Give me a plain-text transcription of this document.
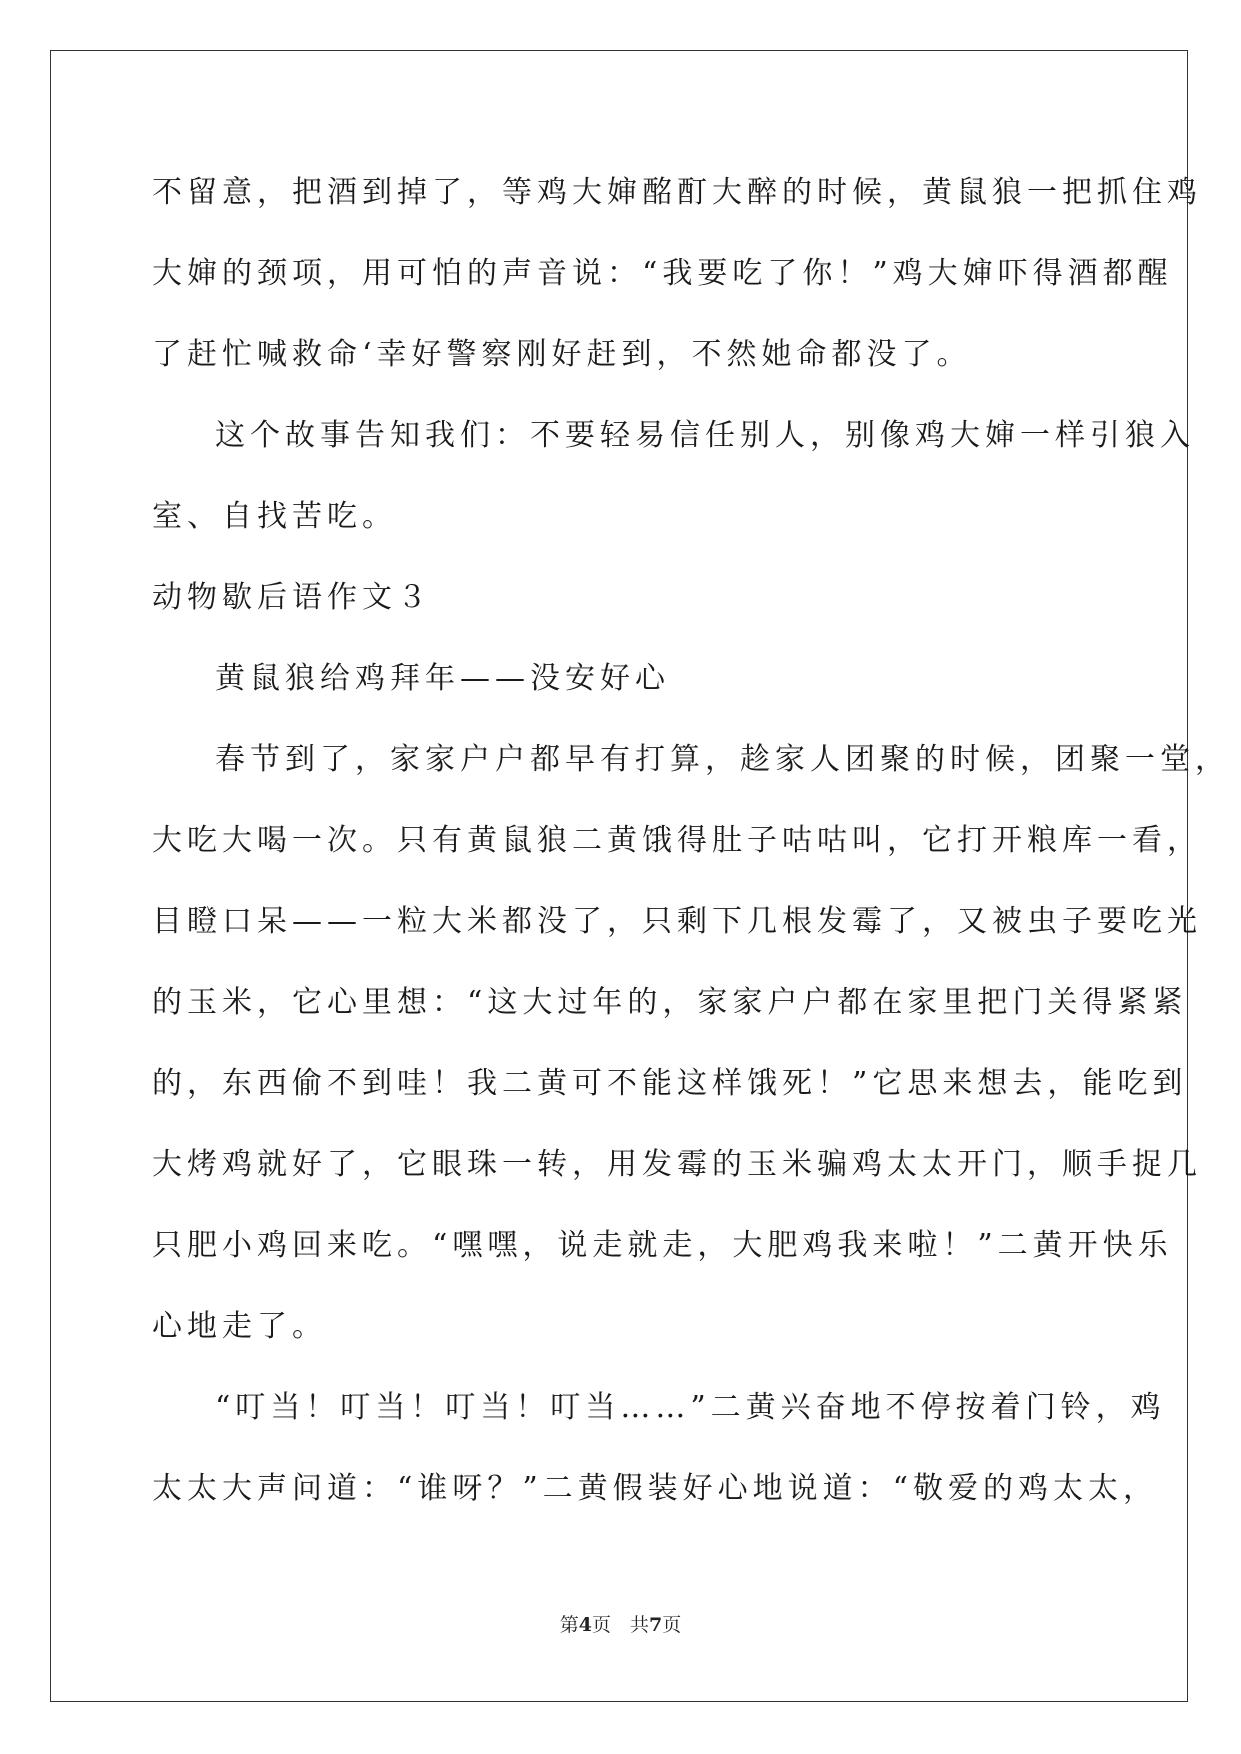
不留意，把酒到掉了，等鸡大婶酩酊大醉的时候，黄鼠狼一把抓住鸡

大婶的颈项，用可怕的声音说：“我要吃了你！”鸡大婶吓得酒都醒

了赶忙喊救命‘幸好警察刚好赶到，不然她命都没了。

这个故事告知我们：不要轻易信任别人，别像鸡大婶一样引狼入

室、自找苦吃。

动物歇后语作文３

黄鼠狼给鸡拜年——没安好心

春节到了，家家户户都早有打算，趁家人团聚的时候，团聚一堂，

大吃大喝一次。只有黄鼠狼二黄饿得肚子咕咕叫，它打开粮库一看，

目瞪口呆——一粒大米都没了，只剩下几根发霉了，又被虫子要吃光

的玉米，它心里想：“这大过年的，家家户户都在家里把门关得紧紧

的，东西偷不到哇！我二黄可不能这样饿死！”它思来想去，能吃到

大烤鸡就好了，它眼珠一转，用发霉的玉米骗鸡太太开门，顺手捉几

只肥小鸡回来吃。“嘿嘿，说走就走，大肥鸡我来啦！”二黄开快乐

心地走了。

“叮当！叮当！叮当！叮当……”二黄兴奋地不停按着门铃，鸡

太太大声问道：“谁呀？”二黄假装好心地说道：“敬爱的鸡太太，

第4页　共7页
